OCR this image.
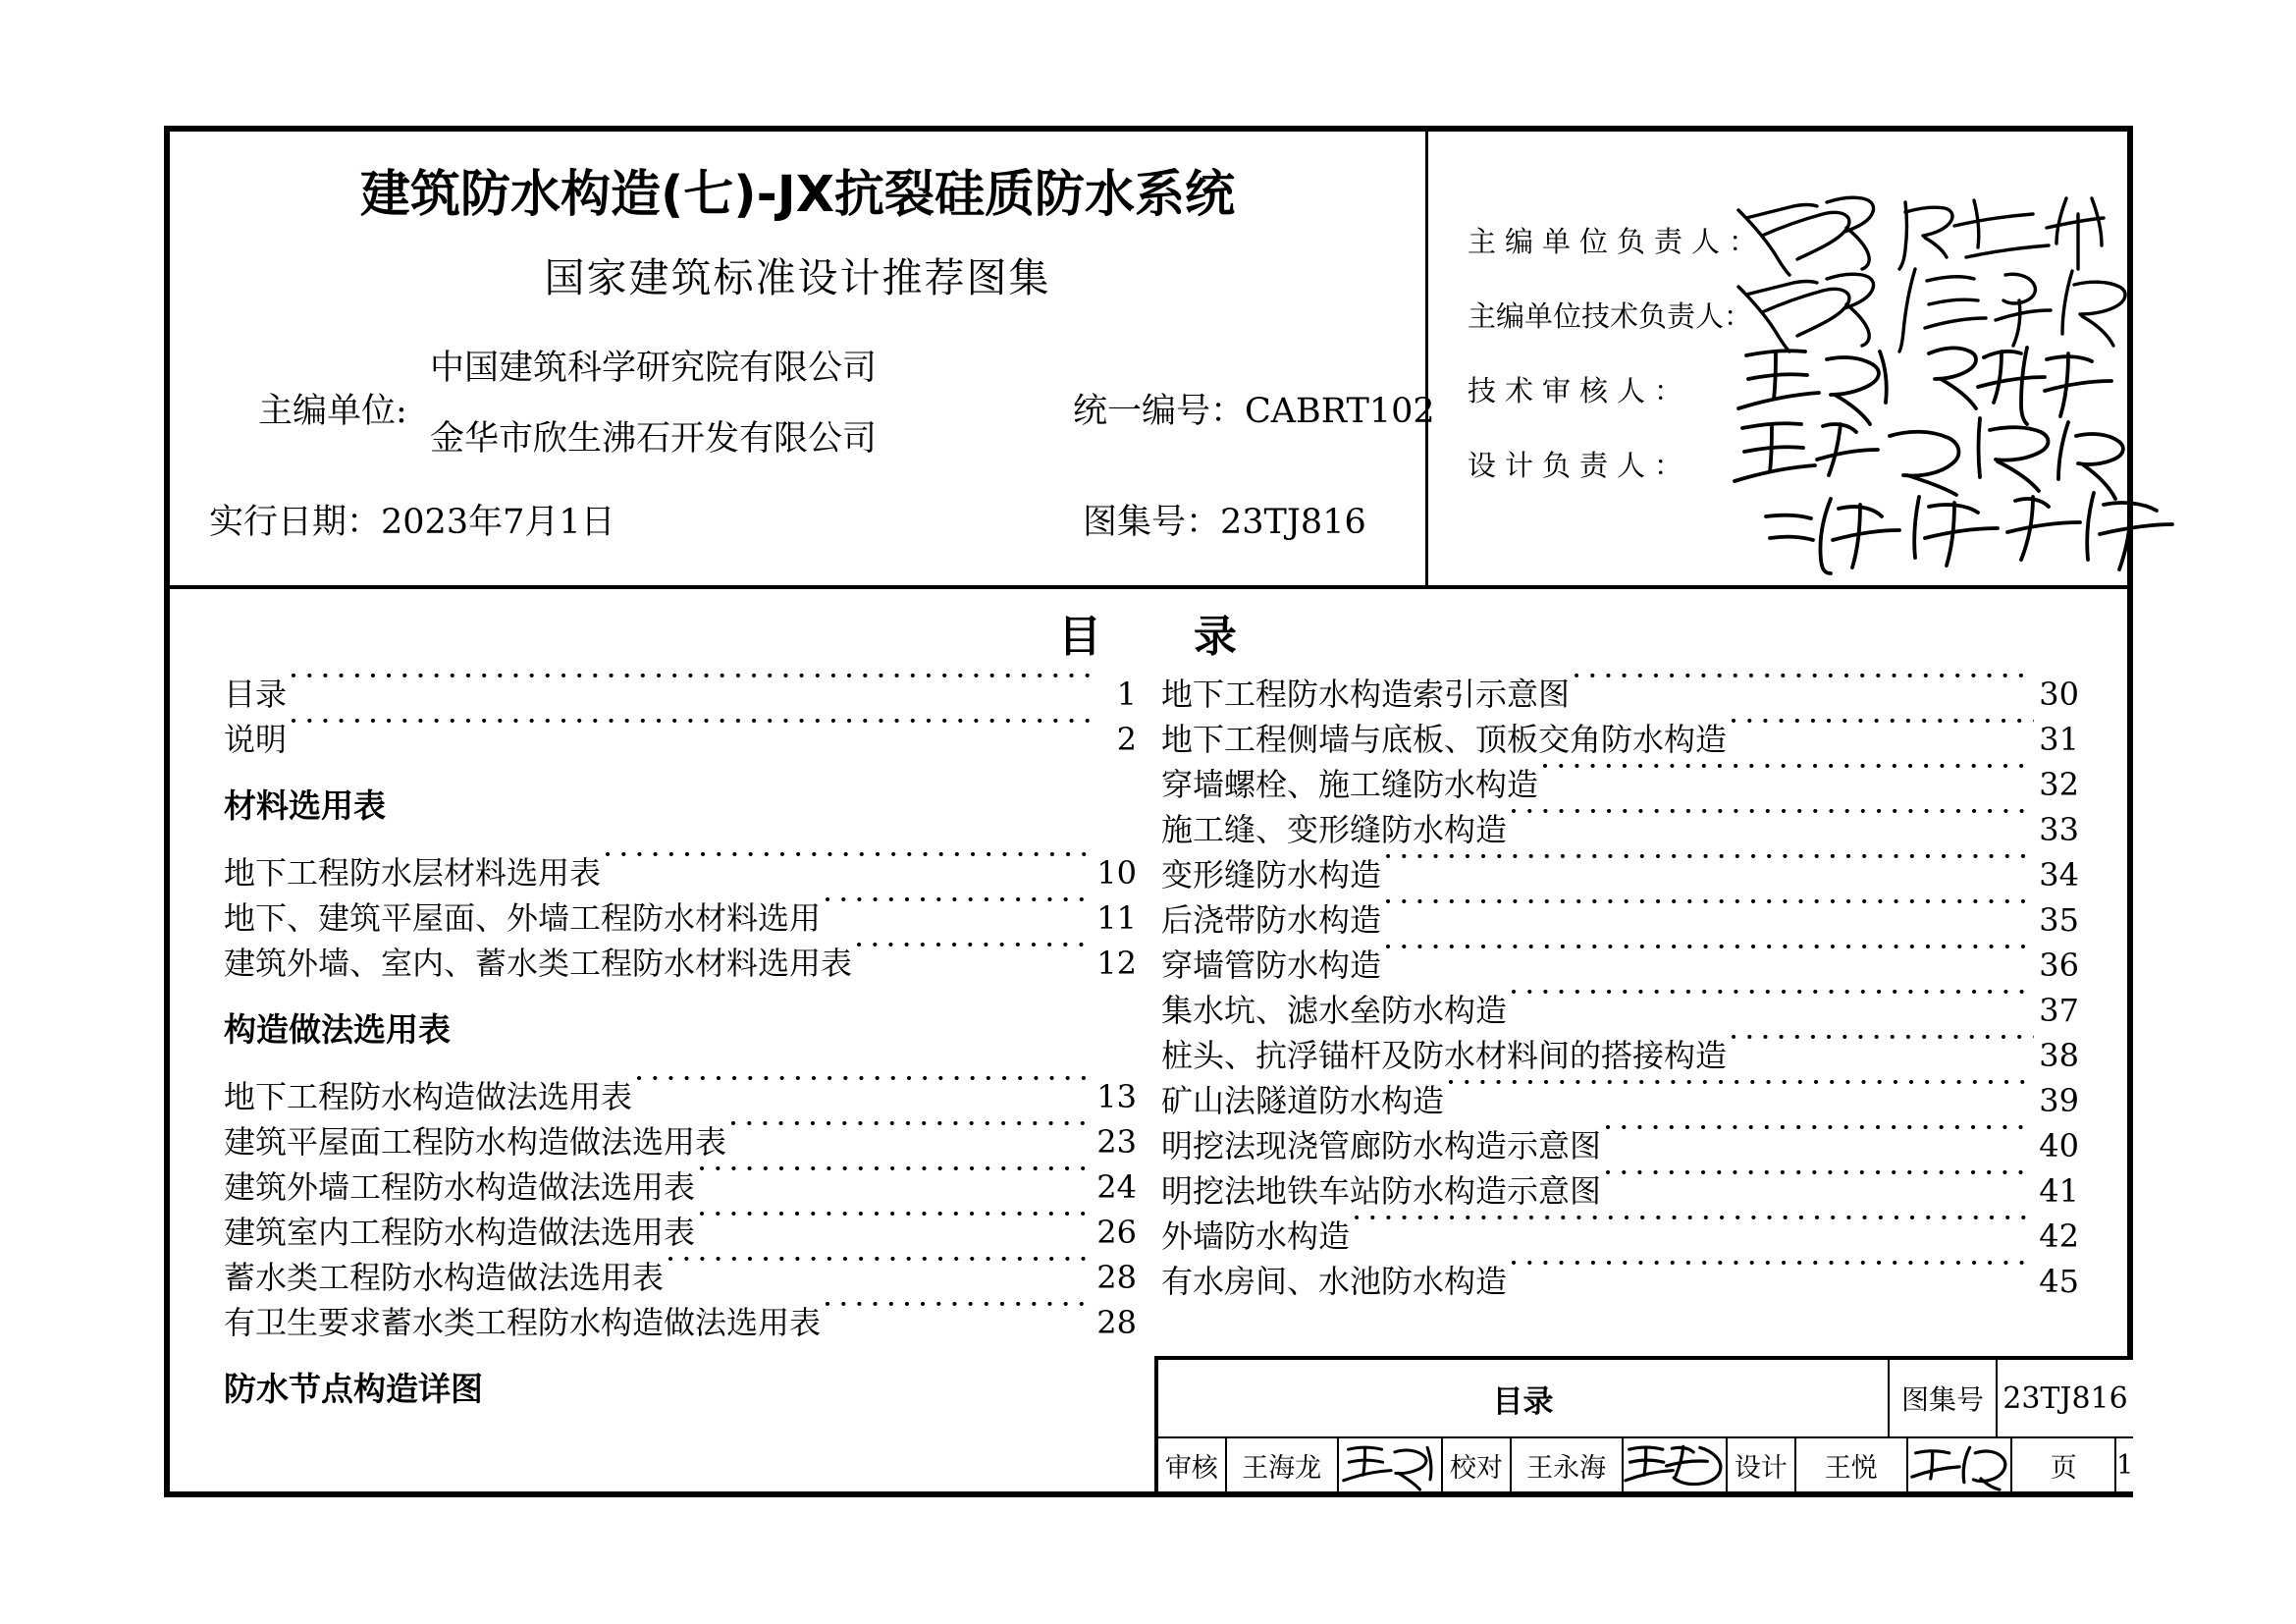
建筑防水构造(七)-JX抗裂硅质防水系统
国家建筑标准设计推荐图集
主编单位:
中国建筑科学研究院有限公司
金华市欣生沸石开发有限公司
统一编号：CABRT102
实行日期：2023年7月1日	图集号：23TJ816
主编单位负责人：
主编单位技术负责人：
技术审核人：
设计负责人：
目　　录
目录 ·····	1
说明 ·····	2
材料选用表
地下工程防水层材料选用表 ·····	10
地下、建筑平屋面、外墙工程防水材料选用 ·····	11
建筑外墙、室内、蓄水类工程防水材料选用表 ·····	12
构造做法选用表
地下工程防水构造做法选用表 ·····	13
建筑平屋面工程防水构造做法选用表 ·····	23
建筑外墙工程防水构造做法选用表 ·····	24
建筑室内工程防水构造做法选用表 ·····	26
蓄水类工程防水构造做法选用表 ·····	28
有卫生要求蓄水类工程防水构造做法选用表 ·····	28
防水节点构造详图
地下工程防水构造索引示意图 ·····	30
地下工程侧墙与底板、顶板交角防水构造 ·····	31
穿墙螺栓、施工缝防水构造 ·····	32
施工缝、变形缝防水构造 ·····	33
变形缝防水构造 ·····	34
后浇带防水构造 ·····	35
穿墙管防水构造 ·····	36
集水坑、滤水垒防水构造 ·····	37
桩头、抗浮锚杆及防水材料间的搭接构造 ·····	38
矿山法隧道防水构造 ·····	39
明挖法现浇管廊防水构造示意图 ·····	40
明挖法地铁车站防水构造示意图 ·····	41
外墙防水构造 ·····	42
有水房间、水池防水构造 ·····	45
目录	图集号 23TJ816
审核 王海龙	校对 王永海	设计	王悦	页	1
